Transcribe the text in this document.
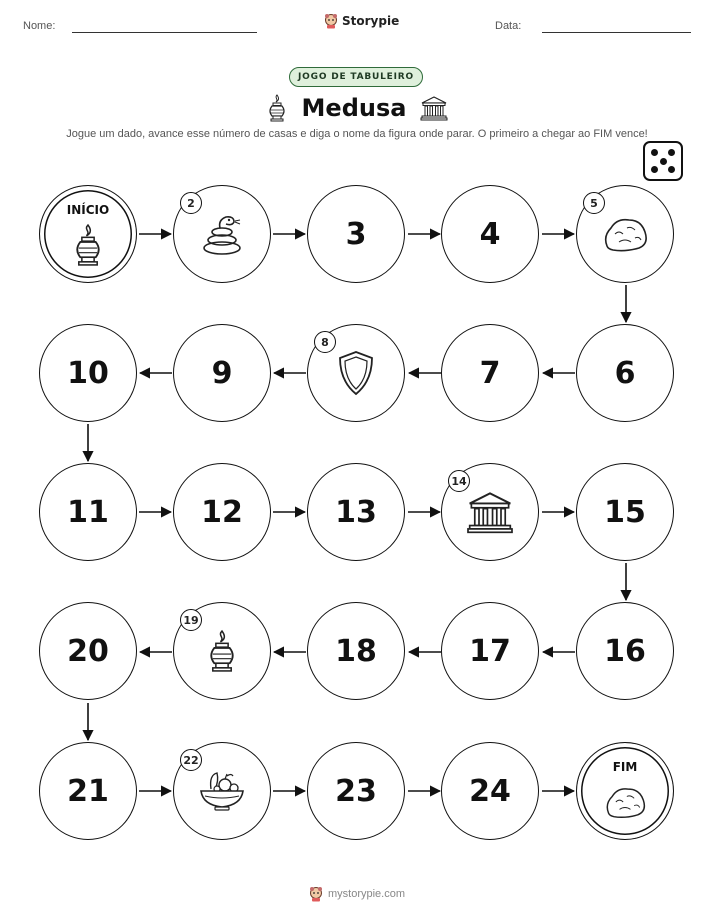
Nome:	Storypie	Data:
JOGO DE TABULEIRO
Medusa
Jogue um dado, avance esse número de casas e diga o nome da figura onde parar. O primeiro a chegar ao FIM vence!
INÍCIO	2
3	4
5
6
7
8
9
10
11	12	13
14
15
16
17
18
19
20
21
22
23	24
FIM
mystorypie.com
